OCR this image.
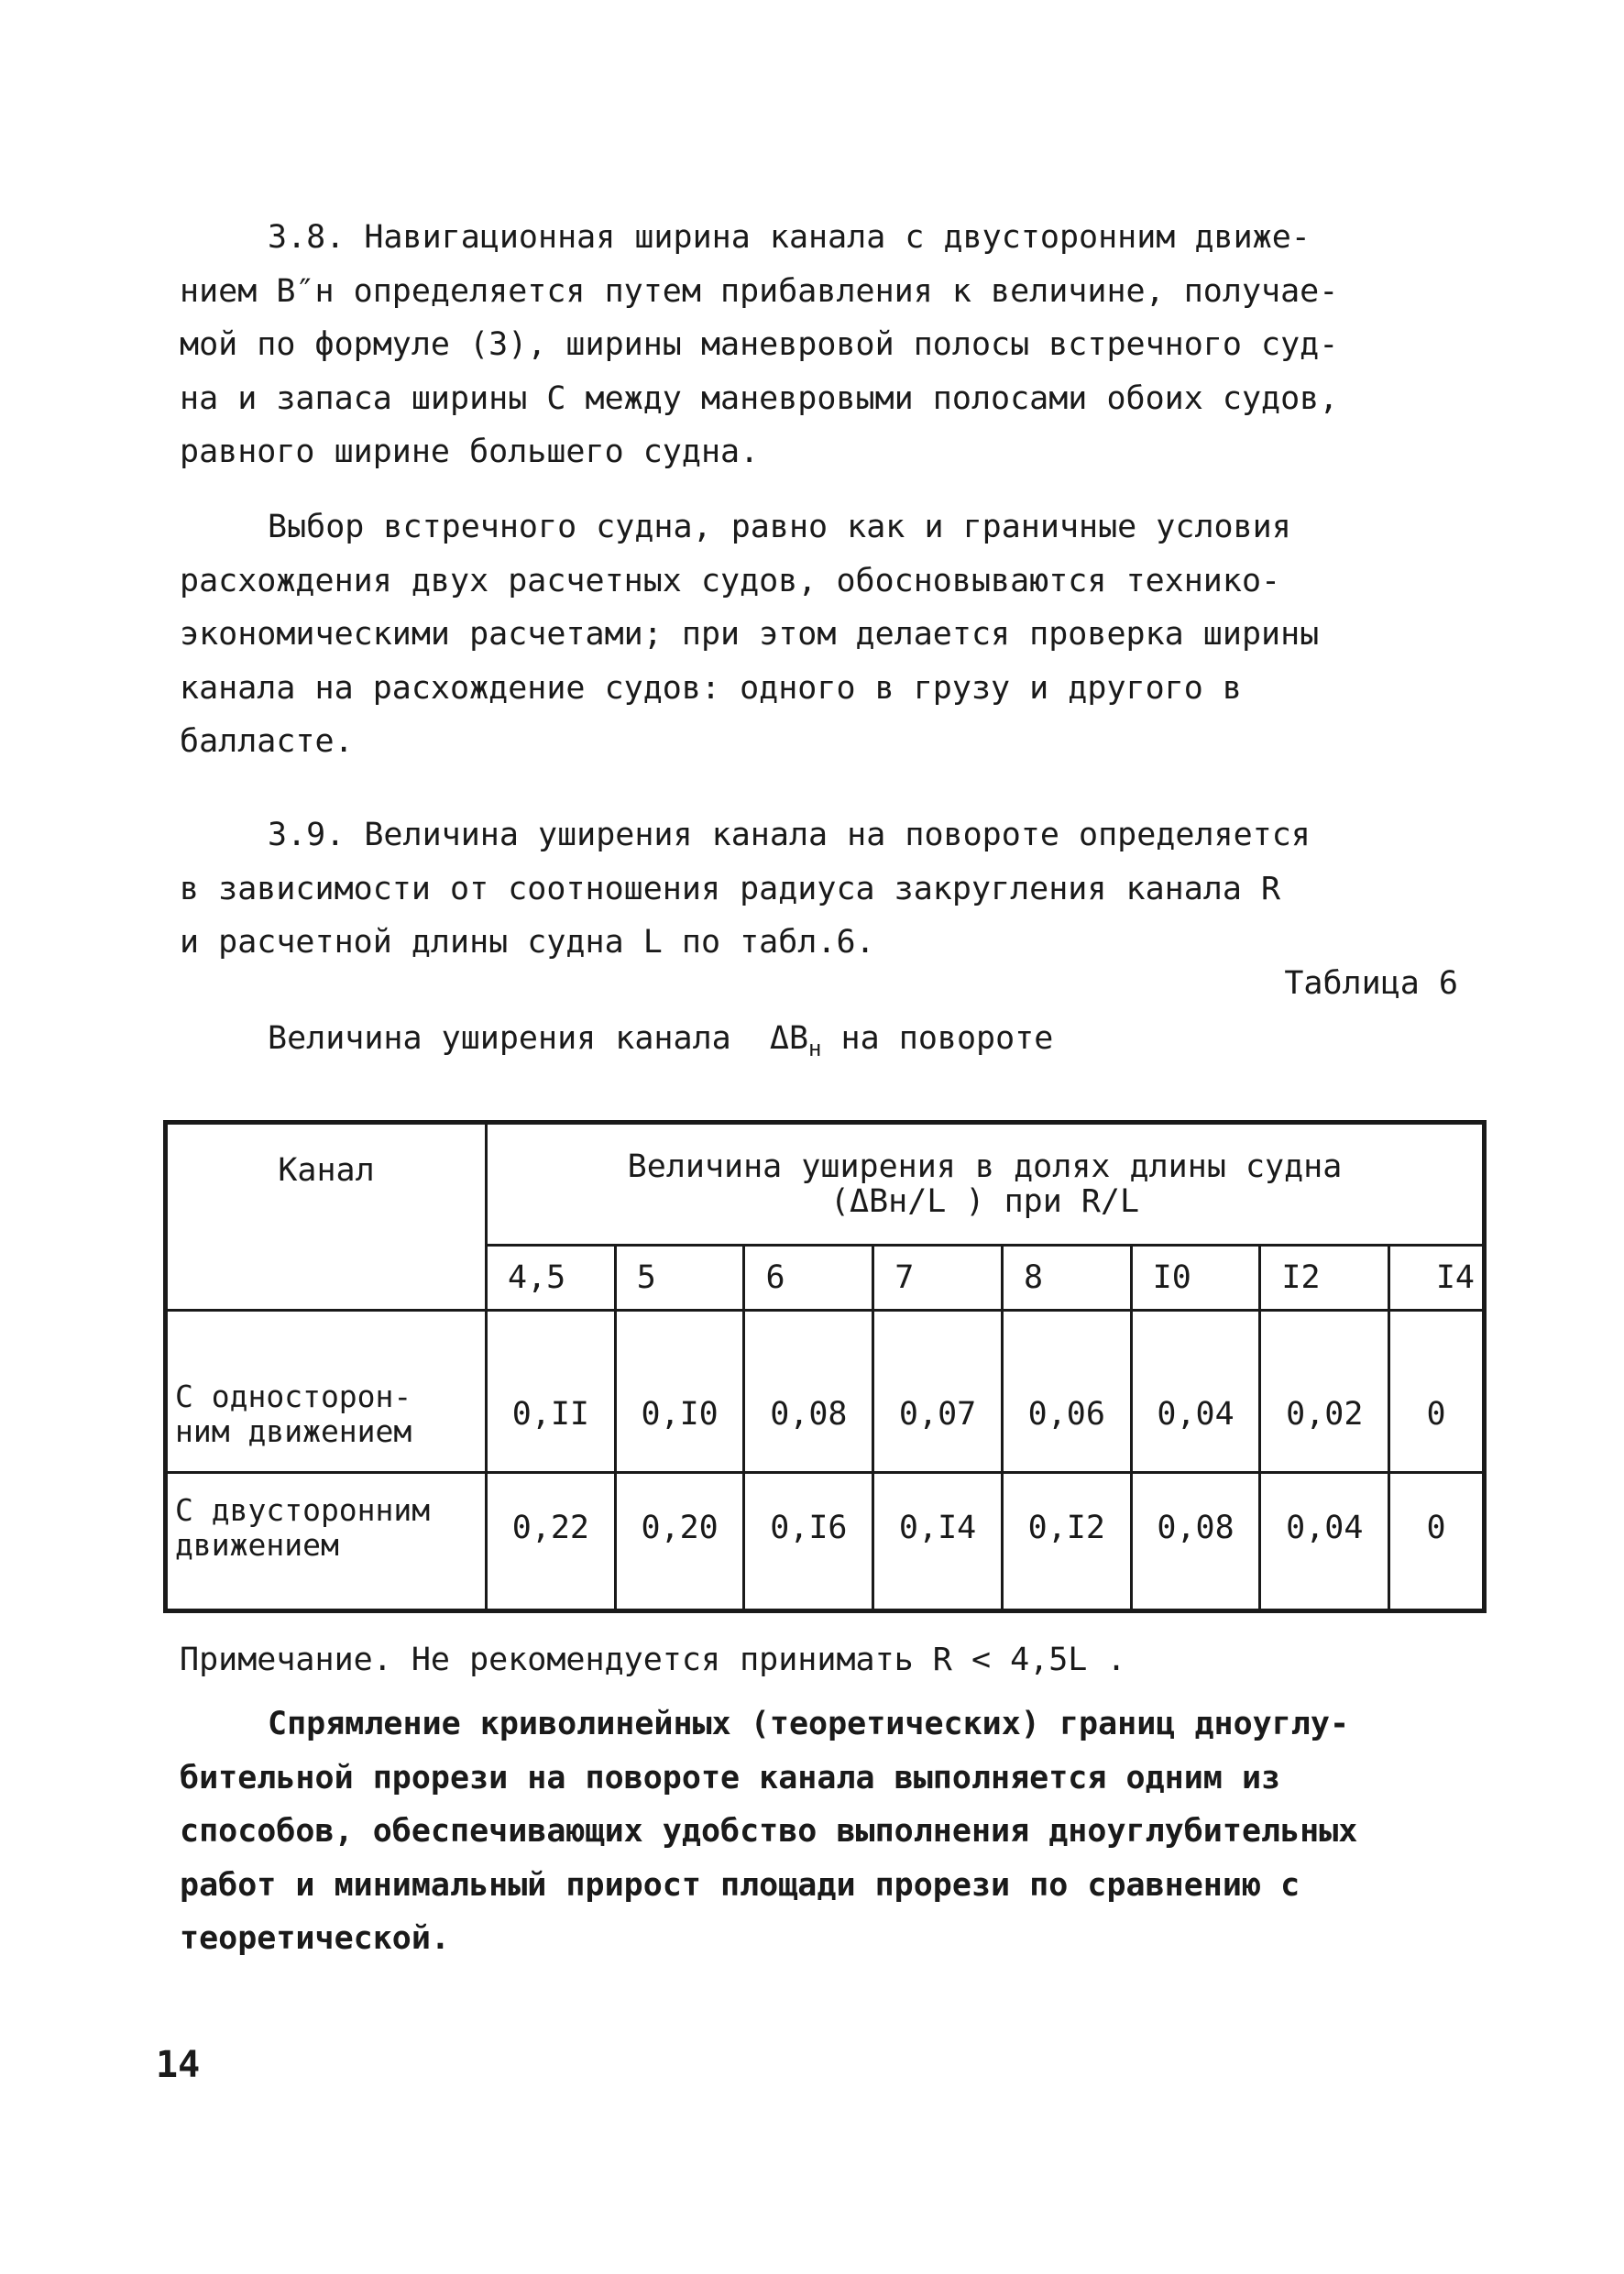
3.8. Навигационная ширина канала с двусторонним движе-
нием B″н определяется путем прибавления к величине, получае-
мой по формуле (3), ширины маневровой полосы встречного суд-
на и запаса ширины С между маневровыми полосами обоих судов,
равного ширине большего судна.
Выбор встречного судна, равно как и граничные условия
расхождения двух расчетных судов, обосновываются технико-
экономическими расчетами; при этом делается проверка ширины
канала на расхождение судов: одного в грузу и другого в
балласте.
3.9. Величина уширения канала на повороте определяется
в зависимости от соотношения радиуса закругления канала R
и расчетной длины судна L по табл.6.
Таблица 6
Величина уширения канала  $\Delta B_н$ на повороте
Канал	Величина уширения в долях длины судна
(ΔBн/L ) при R/L							

	4,5	5	6	7	8	I0	I2	I4

С односторон-
ним движением	0,II	0,I0	0,08	0,07	0,06	0,04	0,02	0

С двусторонним
движением	0,22	0,20	0,I6	0,I4	0,I2	0,08	0,04	0
Примечание. Не рекомендуется принимать R < 4,5L .
Спрямление криволинейных (теоретических) границ дноуглу-
бительной прорези на повороте канала выполняется одним из
способов, обеспечивающих удобство выполнения дноуглубительных
работ и минимальный прирост площади прорези по сравнению с
теоретической.
14
